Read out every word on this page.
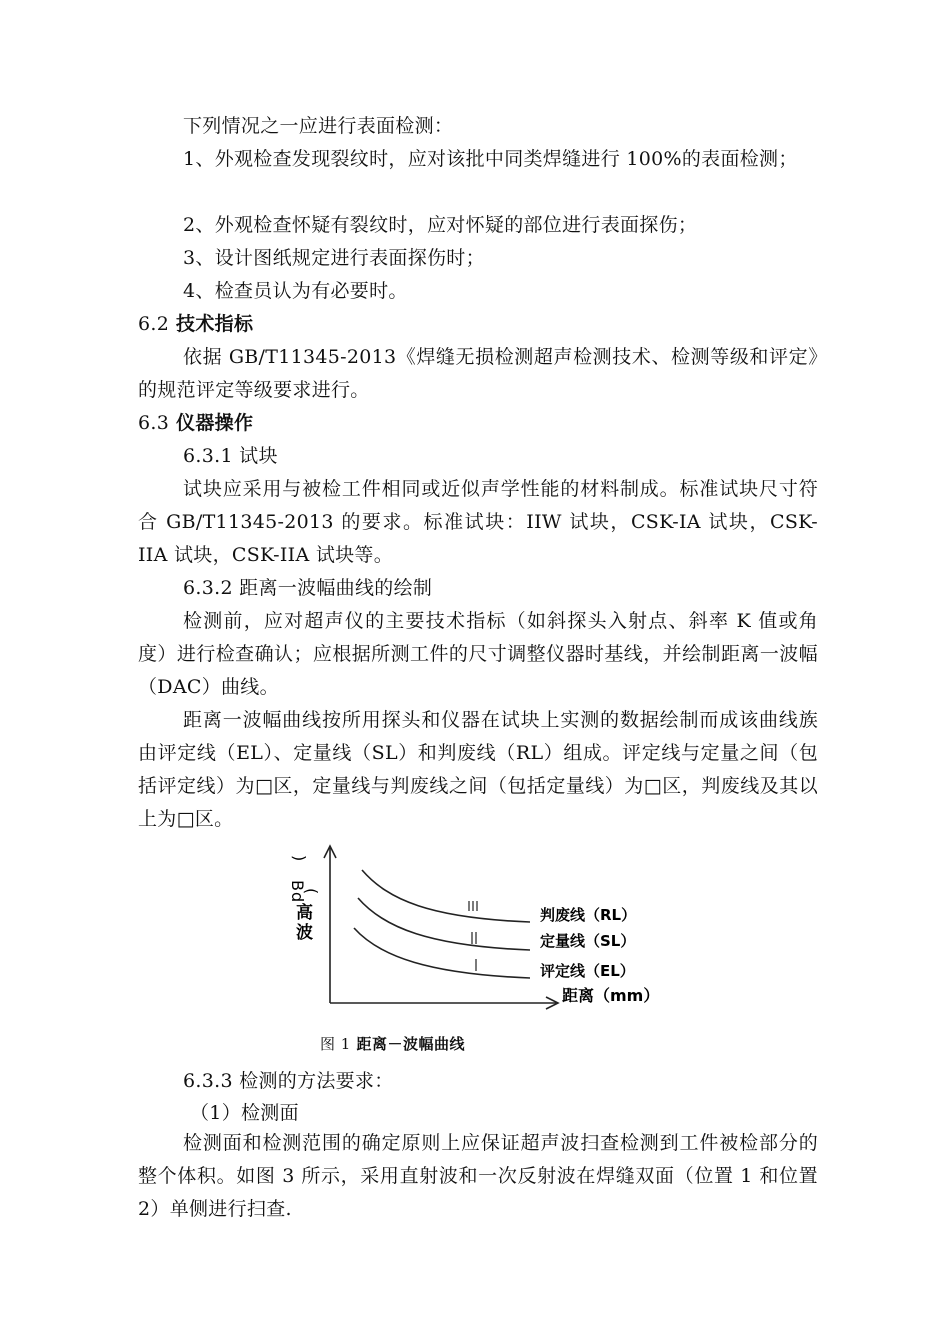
下列情况之一应进行表面检测：
1、外观检查发现裂纹时，应对该批中同类焊缝进行 100%的表面检测；
2、外观检查怀疑有裂纹时，应对怀疑的部位进行表面探伤；
3、设计图纸规定进行表面探伤时；
4、检查员认为有必要时。
6.2 技术指标
依据 GB/T11345-2013《焊缝无损检测超声检测技术、检测等级和评定》的规范评定等级要求进行。
6.3 仪器操作
6.3.1 试块
试块应采用与被检工件相同或近似声学性能的材料制成。标准试块尺寸符合 GB/T11345-2013 的要求。标准试块：IIW 试块，CSK-IA 试块，CSK-IIA 试块，CSK-IIA 试块等。
6.3.2 距离一波幅曲线的绘制
检测前，应对超声仪的主要技术指标（如斜探头入射点、斜率 K 值或角度）进行检查确认；应根据所测工件的尺寸调整仪器时基线，并绘制距离一波幅（DAC）曲线。
距离一波幅曲线按所用探头和仪器在试块上实测的数据绘制而成该曲线族由评定线（EL）、定量线（SL）和判废线（RL）组成。评定线与定量之间（包括评定线）为□区，定量线与判废线之间（包括定量线）为□区，判废线及其以上为□区。
)
B
d
(
高
波
判废线（RL）
定量线（SL）
评定线（EL）
距离（mm）
图 1 距离－波幅曲线
6.3.3 检测的方法要求：
（1）检测面
检测面和检测范围的确定原则上应保证超声波扫查检测到工件被检部分的整个体积。如图 3 所示，采用直射波和一次反射波在焊缝双面（位置 1 和位置 2）单侧进行扫查.
